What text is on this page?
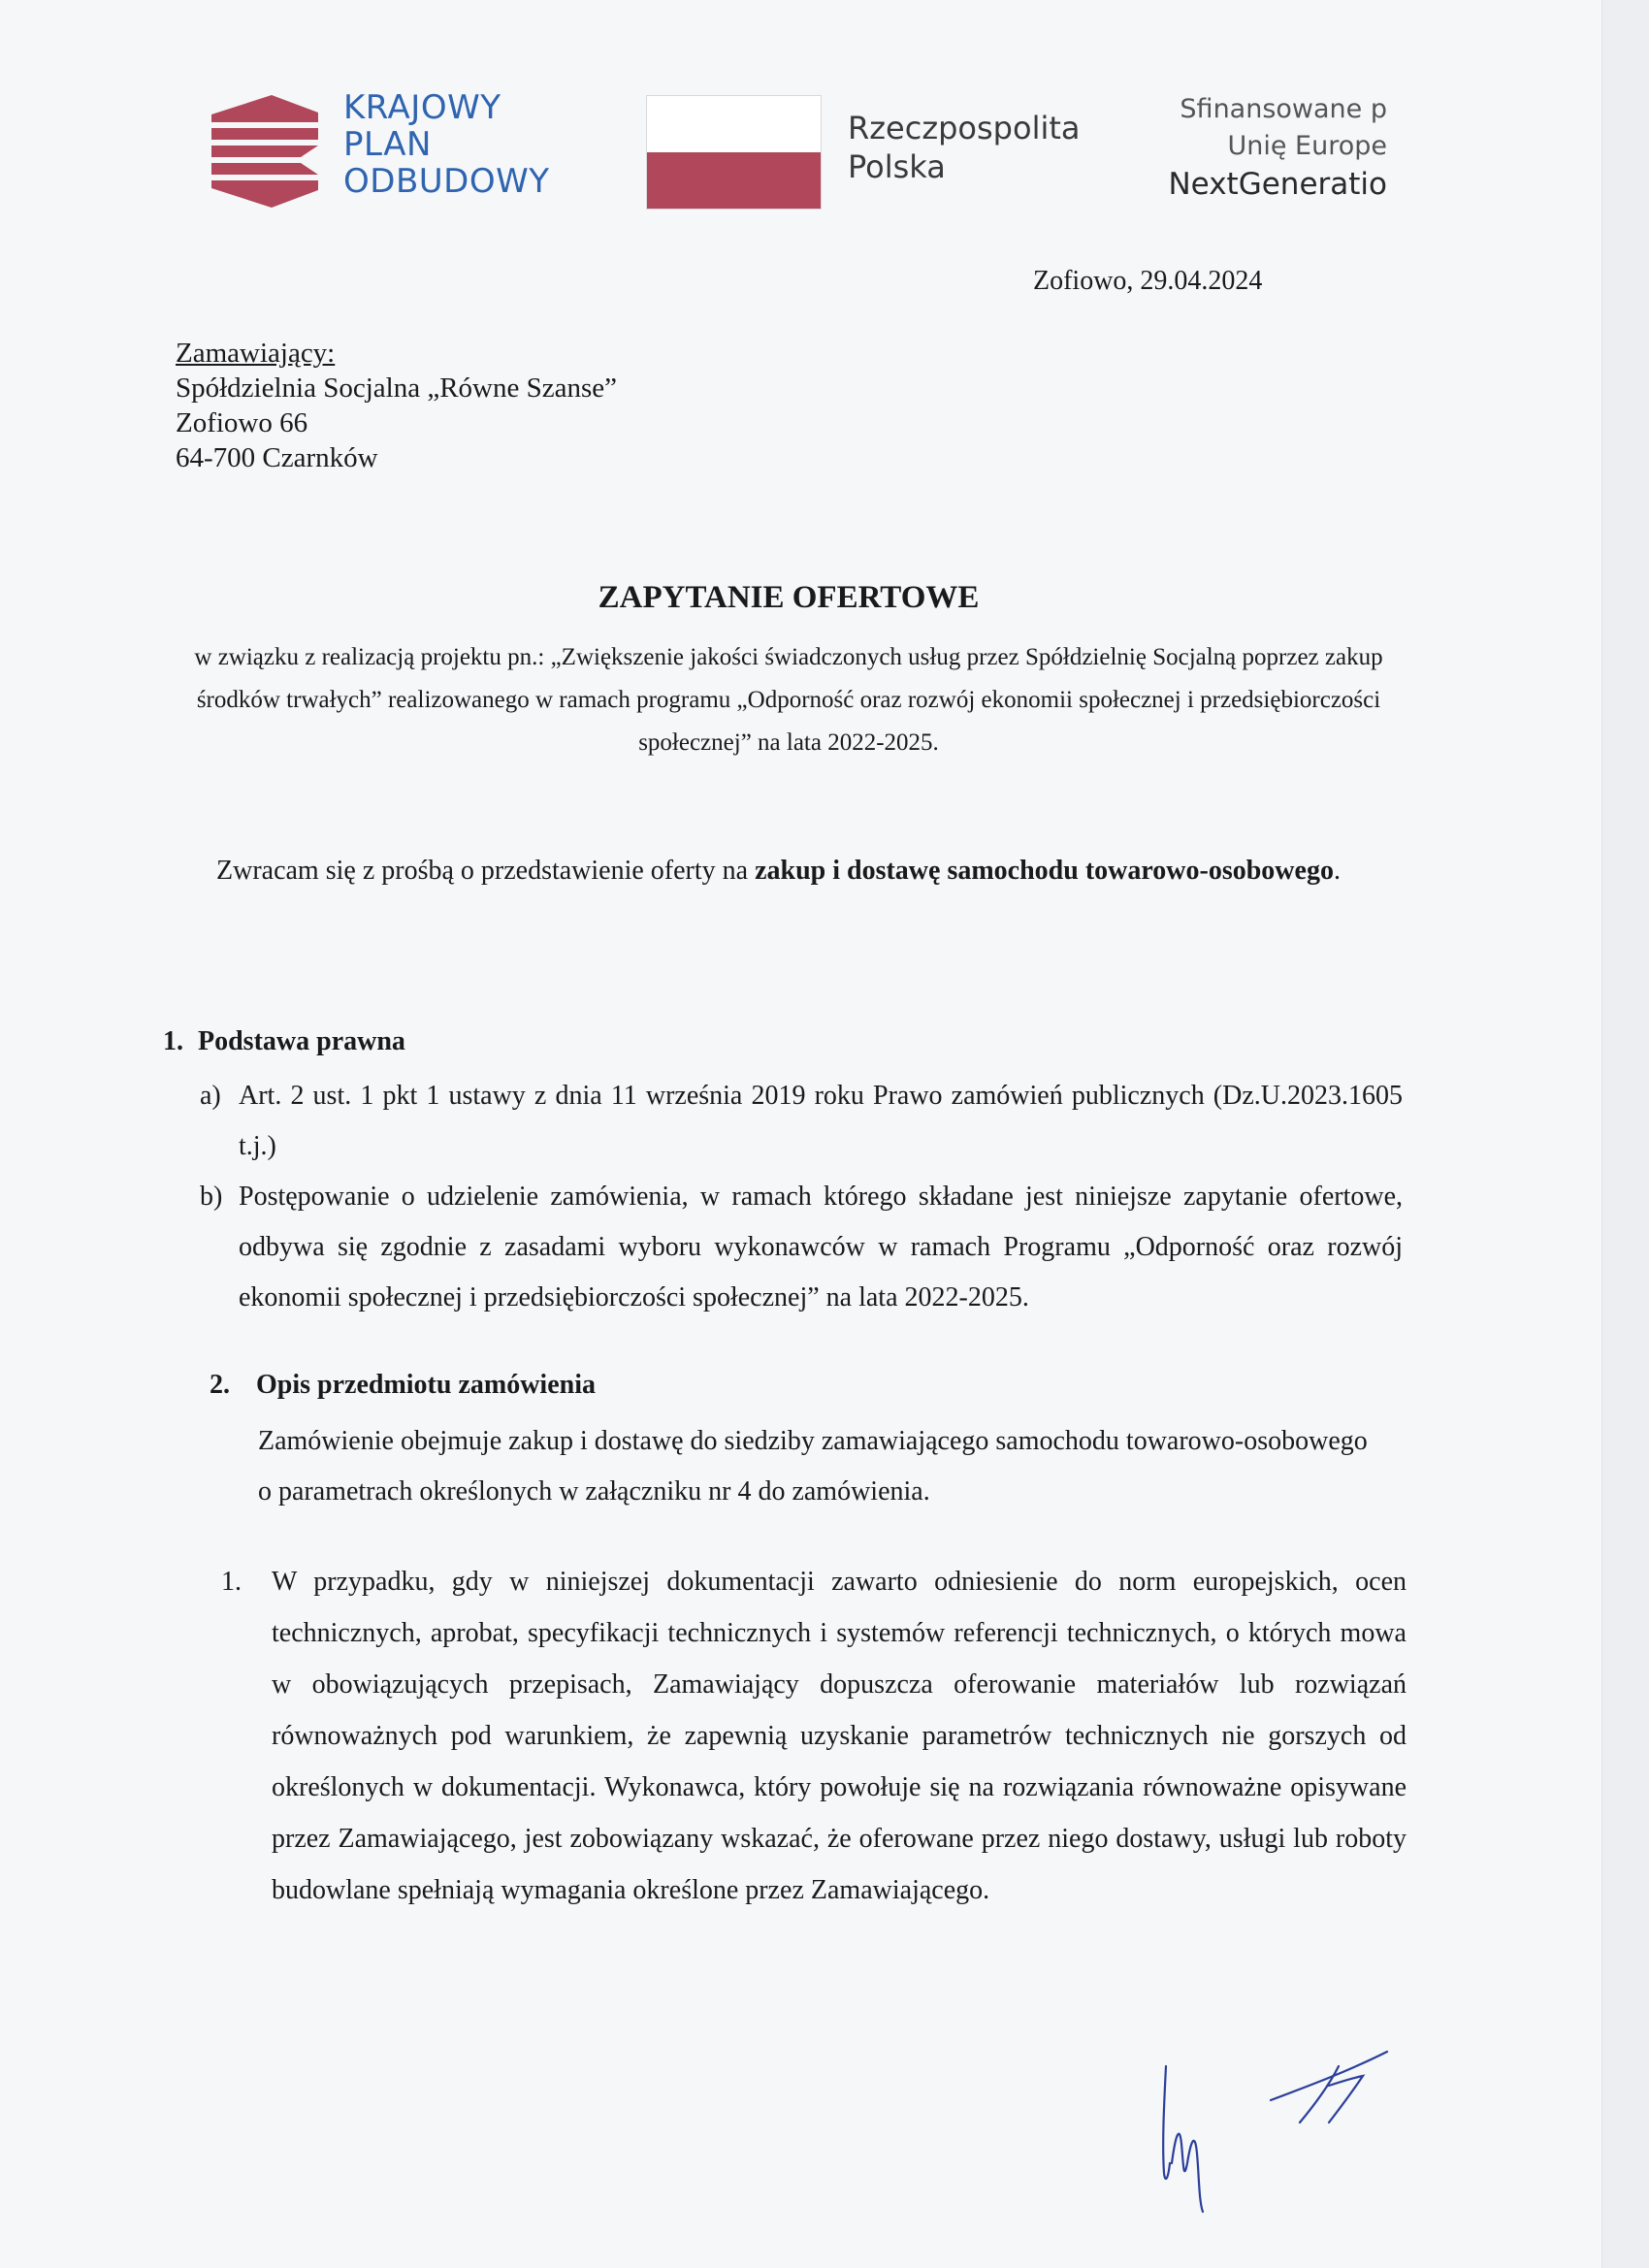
KRAJOWY
PLAN
ODBUDOWY
Rzeczpospolita
Polska
Sfinansowane p
Unię Europe
NextGeneratio
Zofiowo, 29.04.2024
Zamawiający:
Spółdzielnia Socjalna „Równe Szanse”
Zofiowo 66
64-700 Czarnków
ZAPYTANIE OFERTOWE
w związku z realizacją projektu pn.: „Zwiększenie jakości świadczonych usług przez Spółdzielnię Socjalną poprzez zakup środków trwałych” realizowanego w ramach programu „Odporność oraz rozwój ekonomii społecznej i przedsiębiorczości społecznej” na lata 2022-2025.
Zwracam się z prośbą o przedstawienie oferty na zakup i dostawę samochodu towarowo-osobowego.
1. Podstawa prawna
a) Art. 2 ust. 1 pkt 1 ustawy z dnia 11 września 2019 roku Prawo zamówień publicznych (Dz.U.2023.1605 t.j.)
b) Postępowanie o udzielenie zamówienia, w ramach którego składane jest niniejsze zapytanie ofertowe, odbywa się zgodnie z zasadami wyboru wykonawców w ramach Programu „Odporność oraz rozwój ekonomii społecznej i przedsiębiorczości społecznej” na lata 2022-2025.
2. Opis przedmiotu zamówienia
Zamówienie obejmuje zakup i dostawę do siedziby zamawiającego samochodu towarowo-osobowego o parametrach określonych w załączniku nr 4 do zamówienia.
1. W przypadku, gdy w niniejszej dokumentacji zawarto odniesienie do norm europejskich, ocen technicznych, aprobat, specyfikacji technicznych i systemów referencji technicznych, o których mowa w obowiązujących przepisach, Zamawiający dopuszcza oferowanie materiałów lub rozwiązań równoważnych pod warunkiem, że zapewnią uzyskanie parametrów technicznych nie gorszych od określonych w dokumentacji. Wykonawca, który powołuje się na rozwiązania równoważne opisywane przez Zamawiającego, jest zobowiązany wskazać, że oferowane przez niego dostawy, usługi lub roboty budowlane spełniają wymagania określone przez Zamawiającego.
